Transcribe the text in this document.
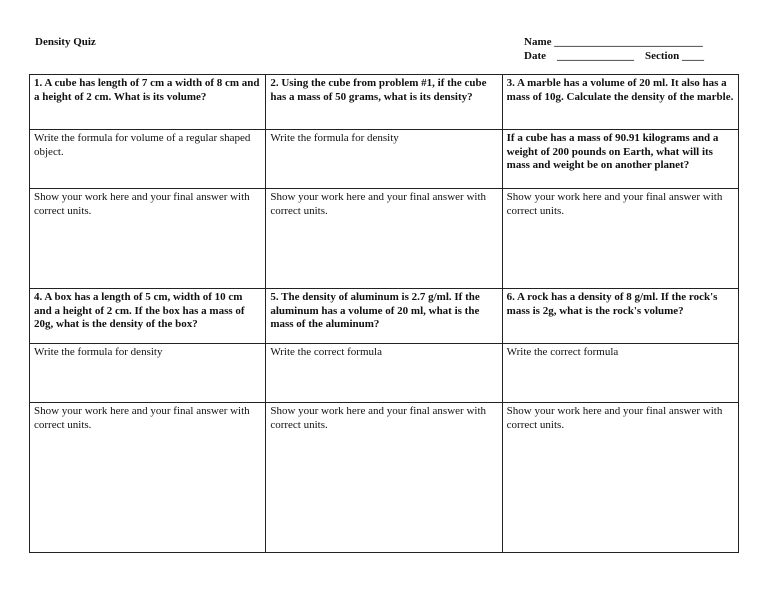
Density Quiz	Name ___________________________
Date    ______________    Section ____
1. A cube has length of 7 cm a width of 8 cm and a height of 2 cm. What is its volume?	2. Using the cube from problem #1, if the cube has a mass of 50 grams, what is its density?	3. A marble has a volume of 20 ml. It also has a mass of 10g. Calculate the density of the marble.
Write the formula for volume of a regular shaped object.	Write the formula for density	If a cube has a mass of 90.91 kilograms and a weight of 200 pounds on Earth, what will its mass and weight be on another planet?
Show your work here and your final answer with correct units.	Show your work here and your final answer with correct units.	Show your work here and your final answer with correct units.
4. A box has a length of 5 cm, width of 10 cm and a height of 2 cm. If the box has a mass of 20g, what is the density of the box?	5. The density of aluminum is 2.7 g/ml. If the aluminum has a volume of 20 ml, what is the mass of the aluminum?	6. A rock has a density of 8 g/ml. If the rock's mass is 2g, what is the rock's volume?
Write the formula for density	Write the correct formula	Write the correct formula
Show your work here and your final answer with correct units.	Show your work here and your final answer with correct units.	Show your work here and your final answer with correct units.
